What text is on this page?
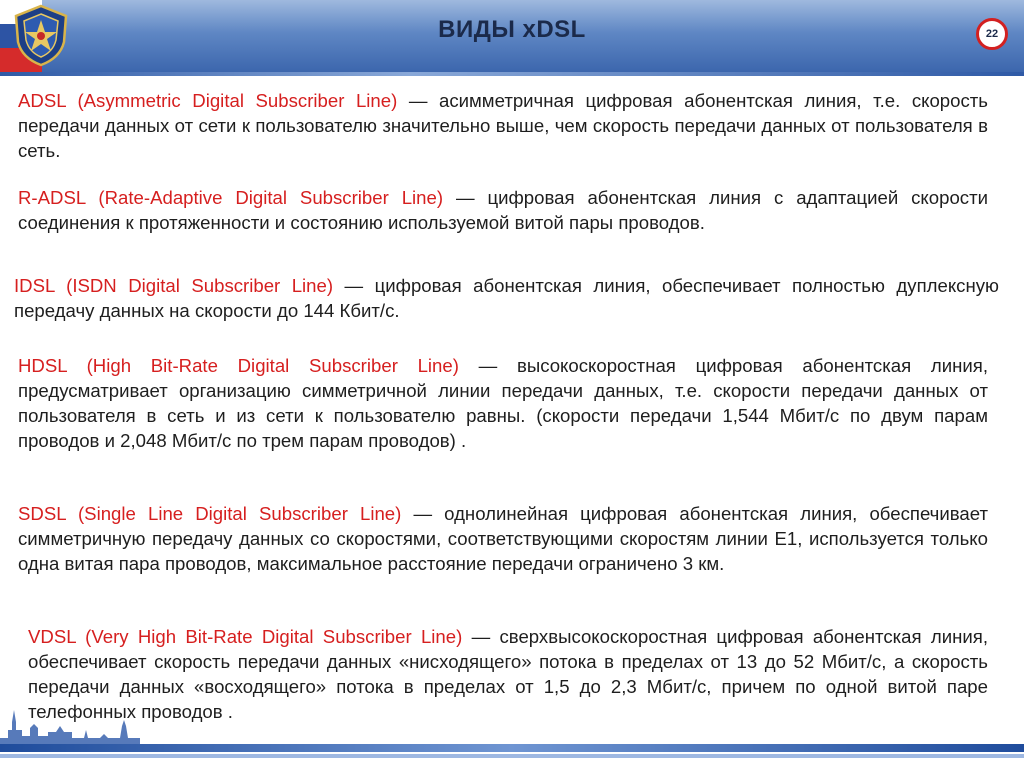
ВИДЫ xDSL	22

ADSL (Asymmetric Digital Subscriber Line) — асимметричная цифровая абонентская линия, т.е. скорость передачи данных от сети к пользователю значительно выше, чем скорость передачи данных от пользователя в сеть.

R-ADSL (Rate-Adaptive Digital Subscriber Line) — цифровая абонентская линия с адаптацией скорости соединения к протяженности и состоянию используемой витой пары проводов.

IDSL (ISDN Digital Subscriber Line) — цифровая абонентская линия, обеспечивает полностью дуплексную передачу данных на скорости до 144 Кбит/с.

HDSL (High Bit-Rate Digital Subscriber Line) — высокоскоростная цифровая абонентская линия, предусматривает организацию симметричной линии передачи данных, т.е. скорости передачи данных от пользователя в сеть и из сети к пользователю равны. (скорости передачи 1,544 Мбит/с по двум парам проводов и 2,048 Мбит/с по трем парам проводов) .

SDSL (Single Line Digital Subscriber Line) — однолинейная цифровая абонентская линия, обеспечивает симметричную передачу данных со скоростями, соответствующими скоростям линии Е1, используется только одна витая пара проводов, максимальное расстояние передачи ограничено 3 км.

VDSL (Very High Bit-Rate Digital Subscriber Line) — сверхвысокоскоростная цифровая абонентская линия, обеспечивает скорость передачи данных «нисходящего» потока в пределах от 13 до 52 Мбит/с, а скорость передачи данных «восходящего» потока в пределах от 1,5 до 2,3 Мбит/с, причем по одной витой паре телефонных проводов .
